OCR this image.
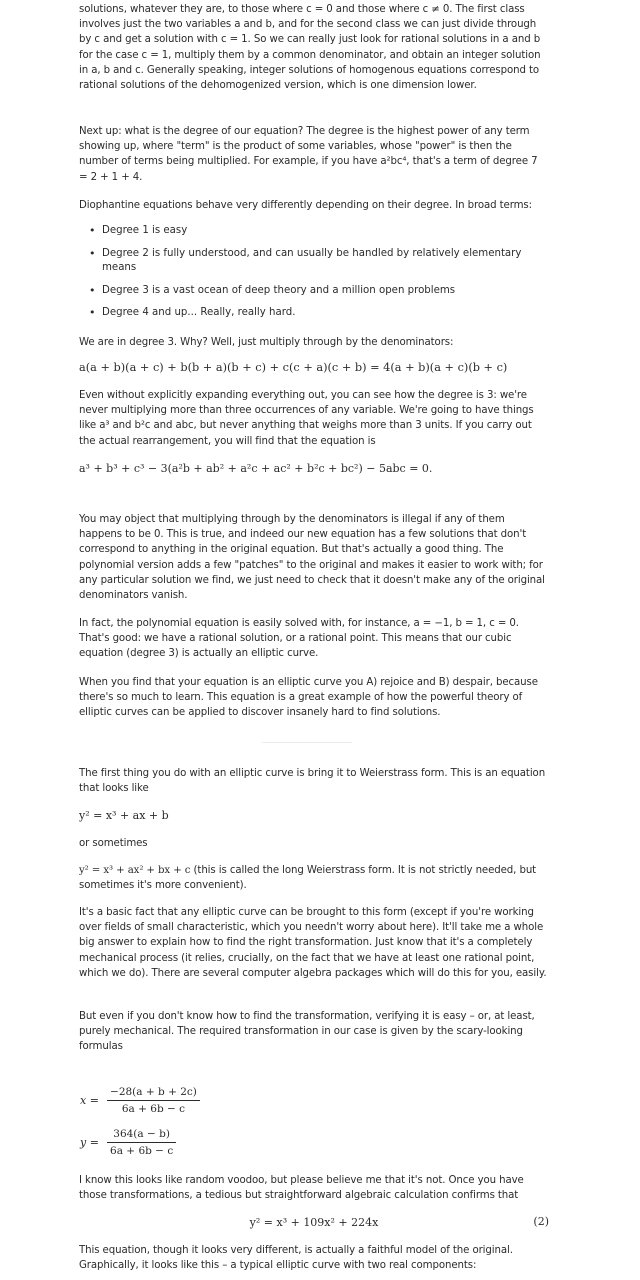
solutions, whatever they are, to those where c = 0 and those where c ≠ 0. The first class involves just the two variables a and b, and for the second class we can just divide through by c and get a solution with c = 1. So we can really just look for rational solutions in a and b for the case c = 1, multiply them by a common denominator, and obtain an integer solution in a, b and c. Generally speaking, integer solutions of homogenous equations correspond to rational solutions of the dehomogenized version, which is one dimension lower.

Next up: what is the degree of our equation? The degree is the highest power of any term showing up, where "term" is the product of some variables, whose "power" is then the number of terms being multiplied. For example, if you have a²bc⁴, that's a term of degree 7 = 2 + 1 + 4.

Diophantine equations behave very differently depending on their degree. In broad terms:

• Degree 1 is easy
• Degree 2 is fully understood, and can usually be handled by relatively elementary means
• Degree 3 is a vast ocean of deep theory and a million open problems
• Degree 4 and up... Really, really hard.

We are in degree 3. Why? Well, just multiply through by the denominators:

a(a + b)(a + c) + b(b + a)(b + c) + c(c + a)(c + b) = 4(a + b)(a + c)(b + c)

Even without explicitly expanding everything out, you can see how the degree is 3: we're never multiplying more than three occurrences of any variable. We're going to have things like a³ and b²c and abc, but never anything that weighs more than 3 units. If you carry out the actual rearrangement, you will find that the equation is

a³ + b³ + c³ − 3(a²b + ab² + a²c + ac² + b²c + bc²) − 5abc = 0.

You may object that multiplying through by the denominators is illegal if any of them happens to be 0. This is true, and indeed our new equation has a few solutions that don't correspond to anything in the original equation. But that's actually a good thing. The polynomial version adds a few "patches" to the original and makes it easier to work with; for any particular solution we find, we just need to check that it doesn't make any of the original denominators vanish.

In fact, the polynomial equation is easily solved with, for instance, a = −1, b = 1, c = 0. That's good: we have a rational solution, or a rational point. This means that our cubic equation (degree 3) is actually an elliptic curve.

When you find that your equation is an elliptic curve you A) rejoice and B) despair, because there's so much to learn. This equation is a great example of how the powerful theory of elliptic curves can be applied to discover insanely hard to find solutions.

The first thing you do with an elliptic curve is bring it to Weierstrass form. This is an equation that looks like

y² = x³ + ax + b

or sometimes

y² = x³ + ax² + bx + c (this is called the long Weierstrass form. It is not strictly needed, but sometimes it's more convenient).

It's a basic fact that any elliptic curve can be brought to this form (except if you're working over fields of small characteristic, which you needn't worry about here). It'll take me a whole big answer to explain how to find the right transformation. Just know that it's a completely mechanical process (it relies, crucially, on the fact that we have at least one rational point, which we do). There are several computer algebra packages which will do this for you, easily.

But even if you don't know how to find the transformation, verifying it is easy – or, at least, purely mechanical. The required transformation in our case is given by the scary-looking formulas

$x = \frac{-28(a + b + 2c)}{6a + 6b - c}$
$y = \frac{364(a - b)}{6a + 6b - c}$

I know this looks like random voodoo, but please believe me that it's not. Once you have those transformations, a tedious but straightforward algebraic calculation confirms that

y² = x³ + 109x² + 224x	(2)

This equation, though it looks very different, is actually a faithful model of the original. Graphically, it looks like this – a typical elliptic curve with two real components:
